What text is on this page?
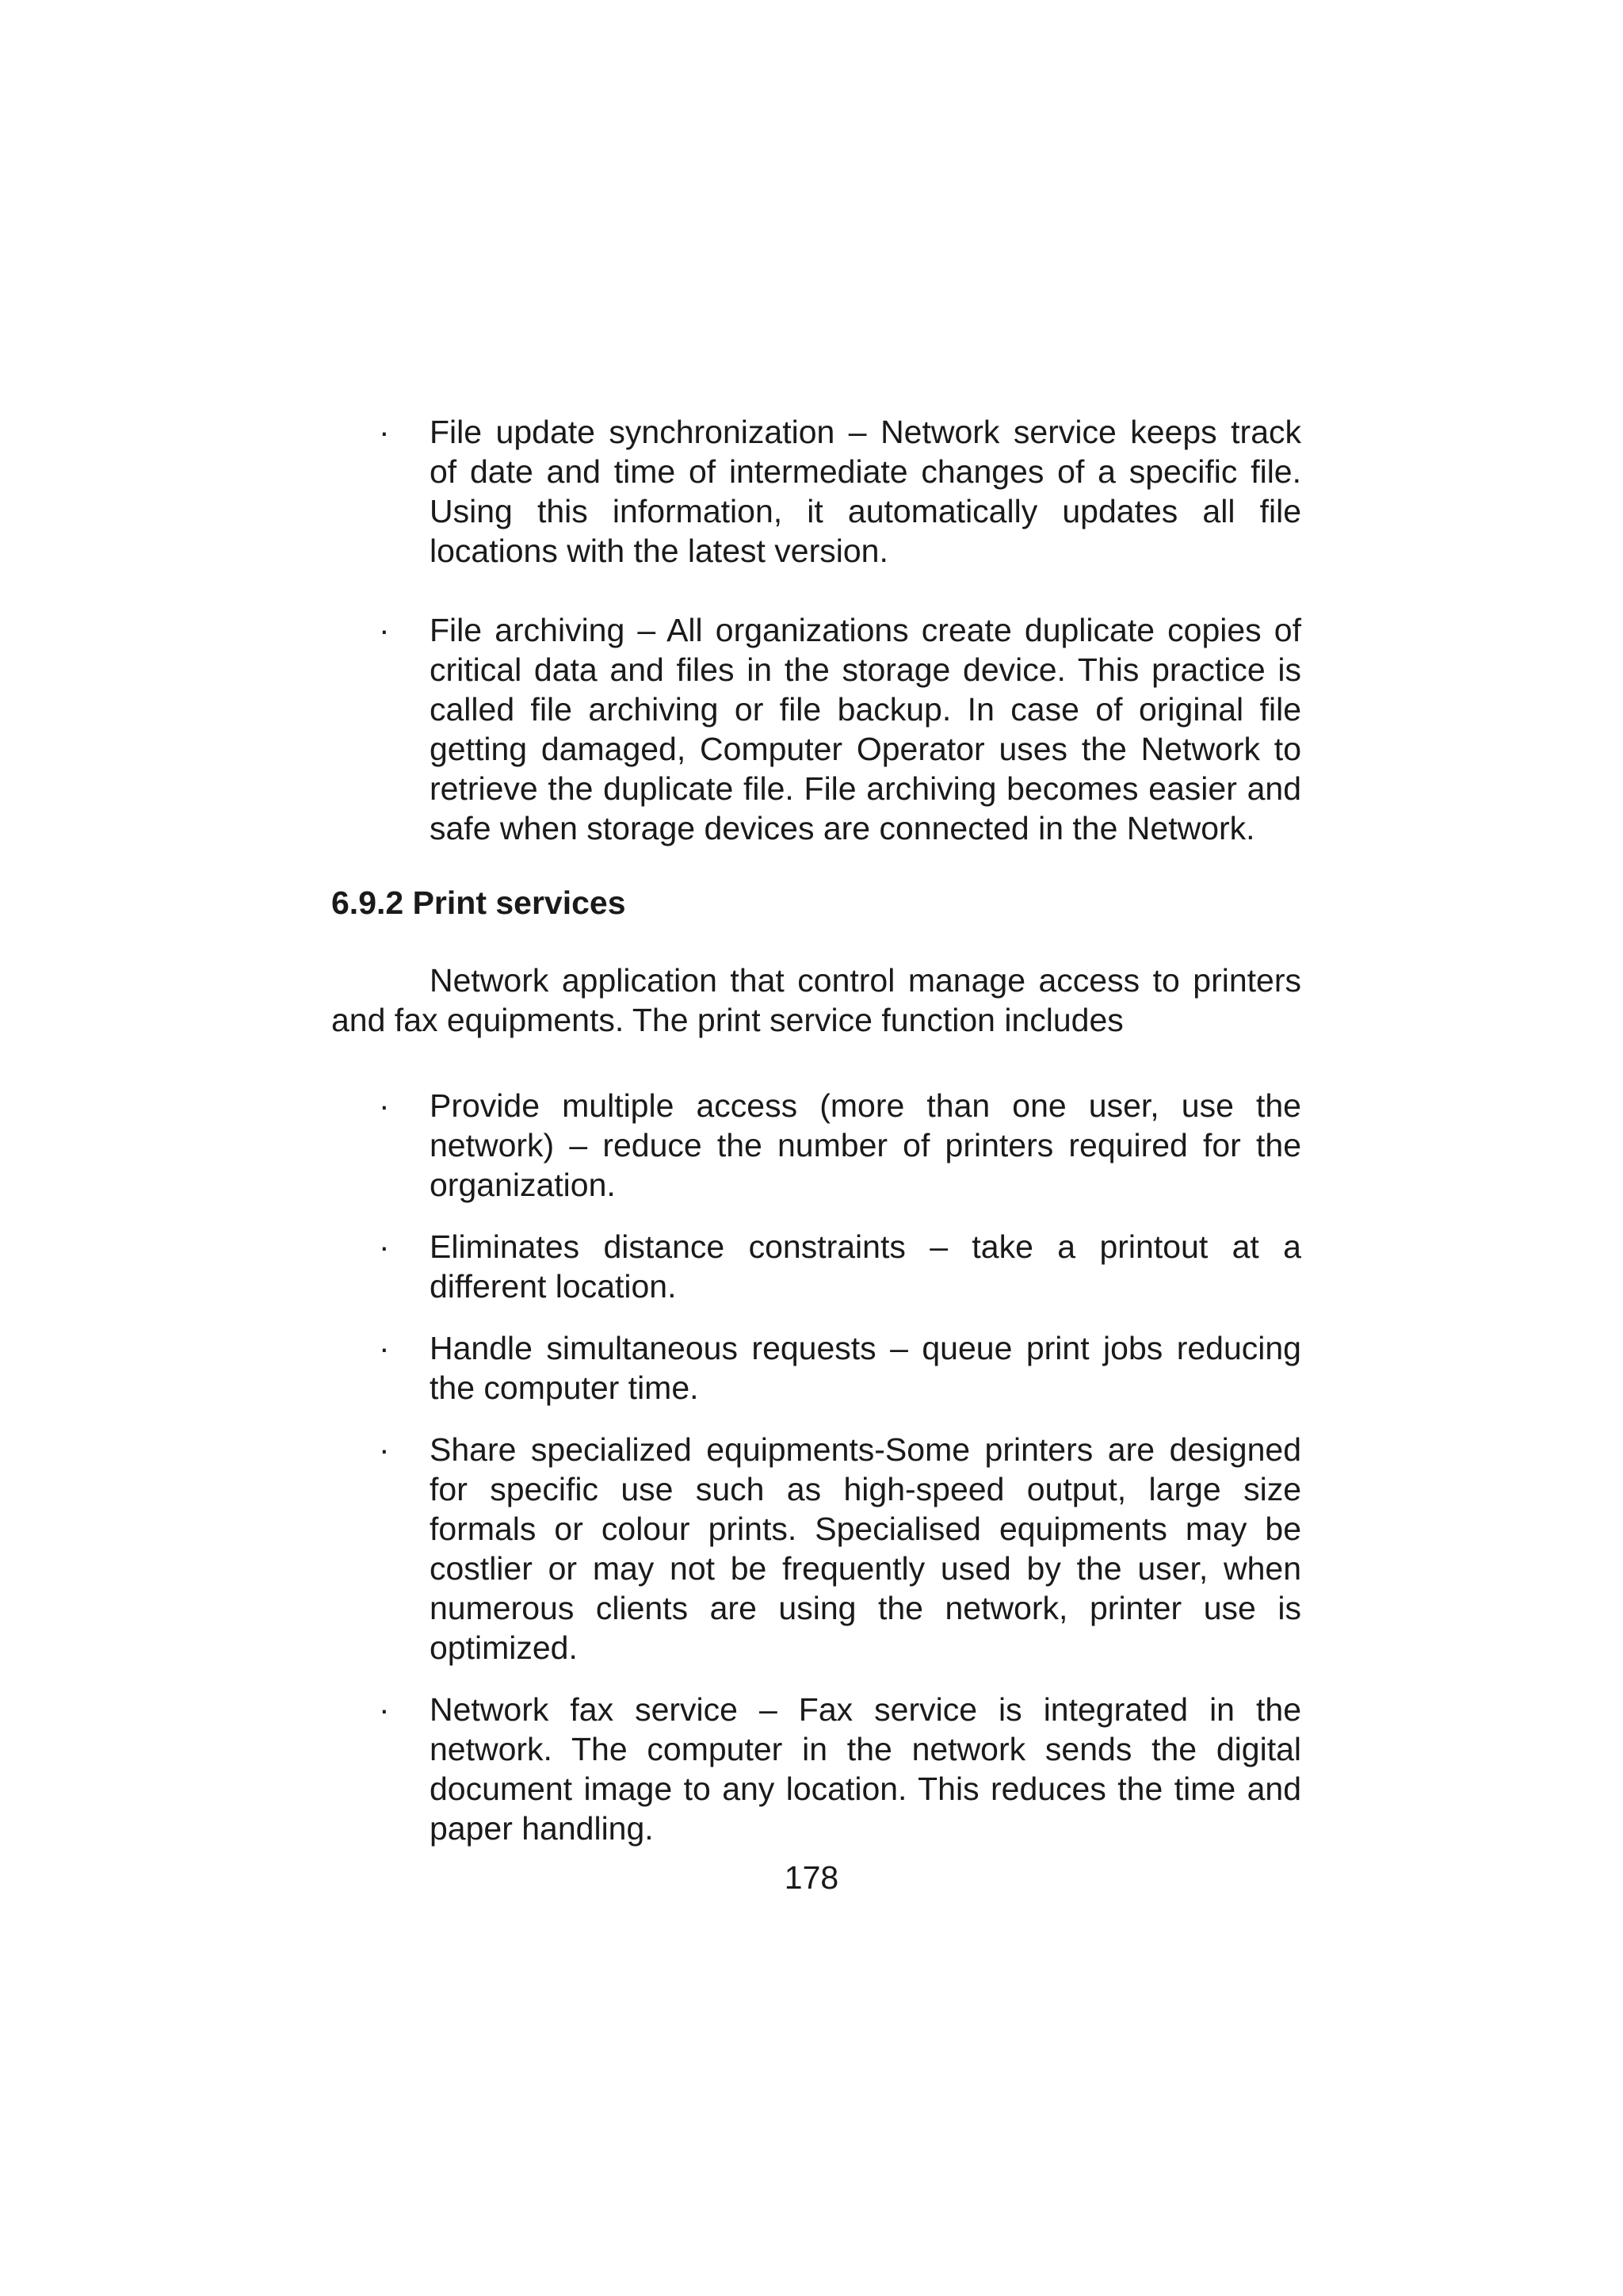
· File update synchronization – Network service keeps track of date and time of intermediate changes of a specific file. Using this information, it automatically updates all file locations with the latest version.
· File archiving – All organizations create duplicate copies of critical data and files in the storage device. This practice is called file archiving or file backup. In case of original file getting damaged, Computer Operator uses the Network to retrieve the duplicate file. File archiving becomes easier and safe when storage devices are connected in the Network.
6.9.2 Print services

Network application that control manage access to printers and fax equipments. The print service function includes

· Provide multiple access (more than one user, use the network) – reduce the number of printers required for the organization.
· Eliminates distance constraints – take a printout at a different location.
· Handle simultaneous requests – queue print jobs reducing the computer time.
· Share specialized equipments-Some printers are designed for specific use such as high-speed output, large size formals or colour prints. Specialised equipments may be costlier or may not be frequently used by the user, when numerous clients are using the network, printer use is optimized.
· Network fax service – Fax service is integrated in the network. The computer in the network sends the digital document image to any location. This reduces the time and paper handling.
178
